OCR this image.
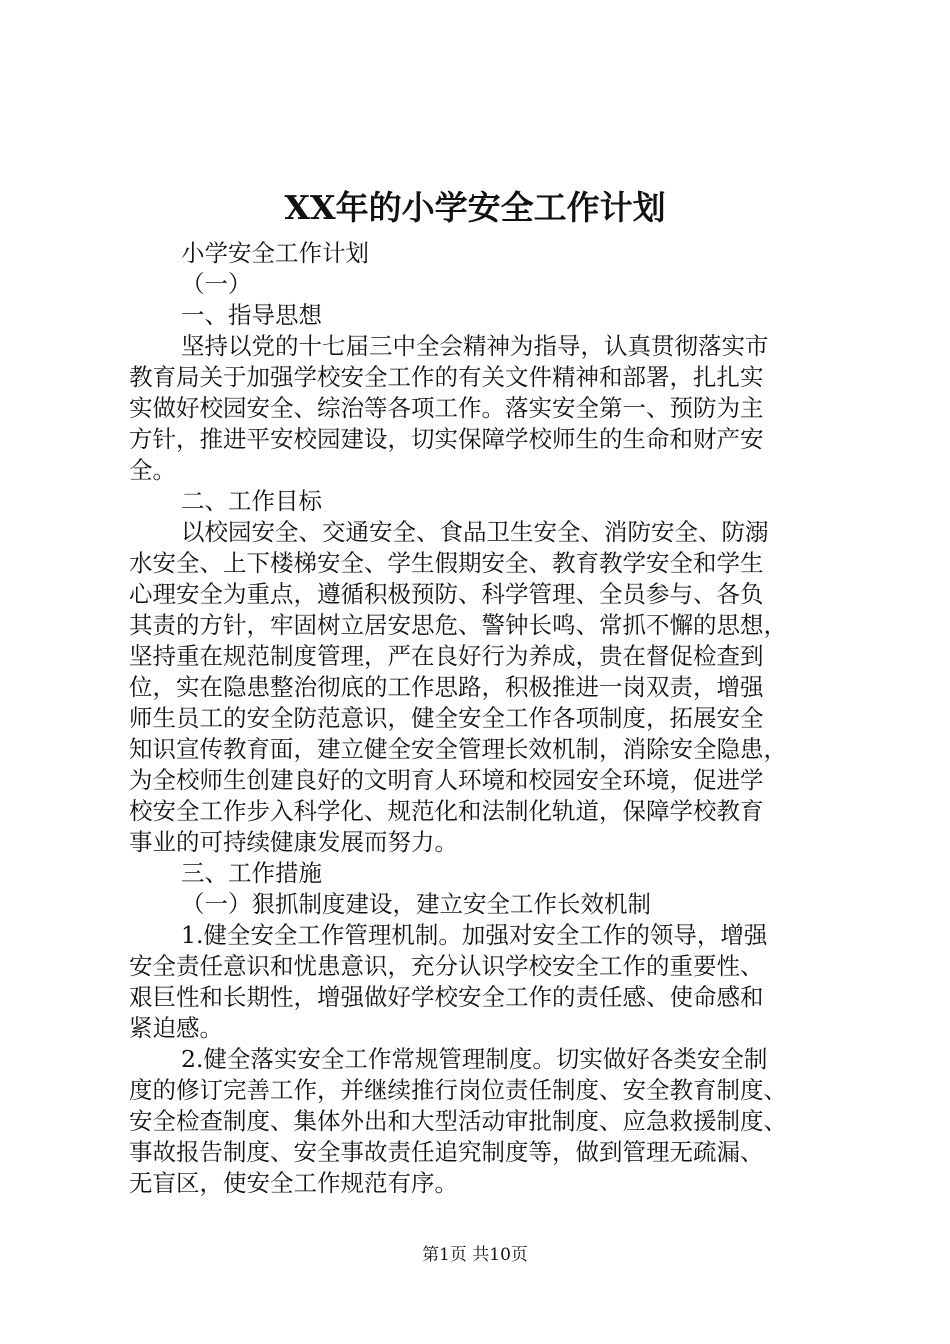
XX年的小学安全工作计划
小学安全工作计划
（一）
一、指导思想
坚持以党的十七届三中全会精神为指导，认真贯彻落实市
教育局关于加强学校安全工作的有关文件精神和部署，扎扎实
实做好校园安全、综治等各项工作。落实安全第一、预防为主
方针，推进平安校园建设，切实保障学校师生的生命和财产安
全。
二、工作目标
以校园安全、交通安全、食品卫生安全、消防安全、防溺
水安全、上下楼梯安全、学生假期安全、教育教学安全和学生
心理安全为重点，遵循积极预防、科学管理、全员参与、各负
其责的方针，牢固树立居安思危、警钟长鸣、常抓不懈的思想，
坚持重在规范制度管理，严在良好行为养成，贵在督促检查到
位，实在隐患整治彻底的工作思路，积极推进一岗双责，增强
师生员工的安全防范意识，健全安全工作各项制度，拓展安全
知识宣传教育面，建立健全安全管理长效机制，消除安全隐患，
为全校师生创建良好的文明育人环境和校园安全环境，促进学
校安全工作步入科学化、规范化和法制化轨道，保障学校教育
事业的可持续健康发展而努力。
三、工作措施
（一）狠抓制度建设，建立安全工作长效机制
1.健全安全工作管理机制。加强对安全工作的领导，增强
安全责任意识和忧患意识，充分认识学校安全工作的重要性、
艰巨性和长期性，增强做好学校安全工作的责任感、使命感和
紧迫感。
2.健全落实安全工作常规管理制度。切实做好各类安全制
度的修订完善工作，并继续推行岗位责任制度、安全教育制度、
安全检查制度、集体外出和大型活动审批制度、应急救援制度、
事故报告制度、安全事故责任追究制度等，做到管理无疏漏、
无盲区，使安全工作规范有序。
第1页 共10页
